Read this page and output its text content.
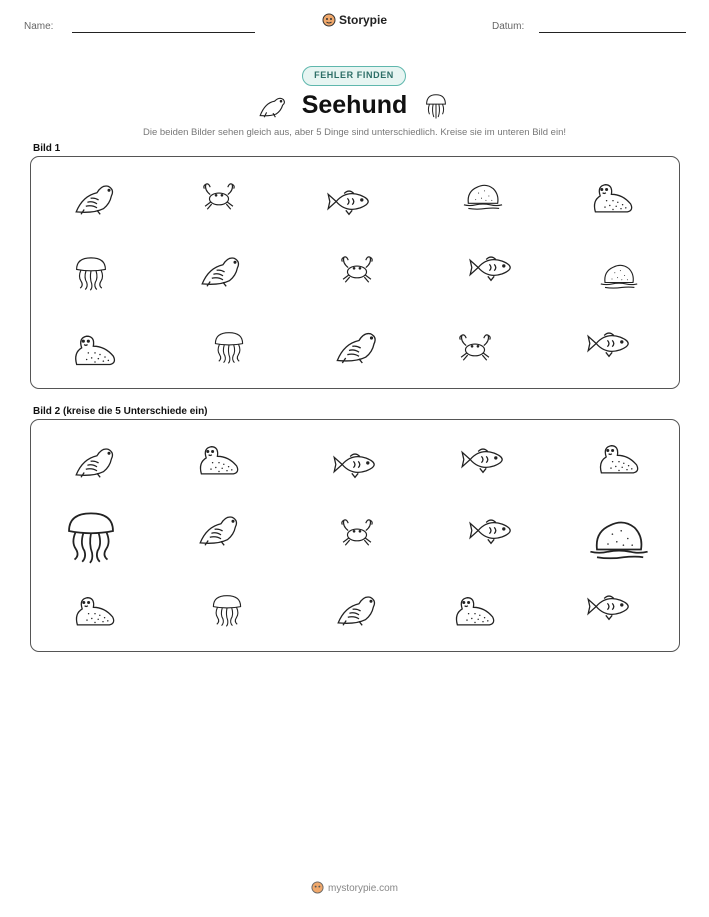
Name:	Datum:
Storypie
FEHLER FINDEN
Seehund
Die beiden Bilder sehen gleich aus, aber 5 Dinge sind unterschiedlich. Kreise sie im unteren Bild ein!
Bild 1
Bild 2 (kreise die 5 Unterschiede ein)
mystorypie.com
